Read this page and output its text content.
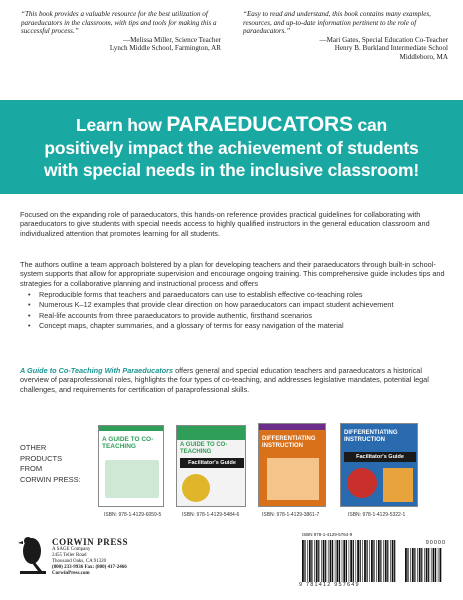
“This book provides a valuable resource for the best utilization of paraeducators in the classroom, with tips and tools for making this a successful process.”
—Melissa Miller, Science Teacher
Lynch Middle School, Farmington, AR
“Easy to read and understand, this book contains many examples, resources, and up-to-date information pertinent to the role of paraeducators.”
—Mari Gates, Special Education Co-Teacher
Henry B. Burkland Intermediate School
Middleboro, MA
Learn how PARAEDUCATORS can
positively impact the achievement of students
with special needs in the inclusive classroom!

Focused on the expanding role of paraeducators, this hands-on reference provides practical guidelines for collaborating with paraeducators to give students with special needs access to highly qualified instructors in the general education classroom and individualized attention that promotes learning for all students.

The authors outline a team approach bolstered by a plan for developing teachers and their paraeducators through built-in school-system supports that allow for appropriate supervision and encourage ongoing training. This comprehensive guide includes tips and strategies for a collaborative planning and instructional process and offers

• Reproducible forms that teachers and paraeducators can use to establish effective co-teaching roles
• Numerous K–12 examples that provide clear direction on how paraeducators can impact student achievement
• Real-life accounts from three paraeducators to provide authentic, firsthand scenarios
• Concept maps, chapter summaries, and a glossary of terms for easy navigation of the material

A Guide to Co-Teaching With Paraeducators offers general and special education teachers and paraeducators a historical overview of paraprofessional roles, highlights the four types of co-teaching, and addresses legislative mandates, potential legal challenges, and requirements for certification of paraprofessional skills.

OTHER PRODUCTS
FROM
CORWIN PRESS:
A GUIDE TO CO-TEACHING
ISBN: 978-1-4129-6059-5
A GUIDE TO CO-TEACHING
Facilitator's Guide
ISBN: 978-1-4129-5484-6
DIFFERENTIATING INSTRUCTION
ISBN: 978-1-4129-3861-7
DIFFERENTIATING INSTRUCTION
Facilitator's Guide
ISBN: 978-1-4129-5322-1
CORWIN PRESS
A SAGE Company
2455 Teller Road
Thousand Oaks, CA 91320
(800) 233-9936 Fax: (800) 417-2466
CorwinPress.com
ISBN 978-1-4129-5764-9
90000
9 781412 957649
